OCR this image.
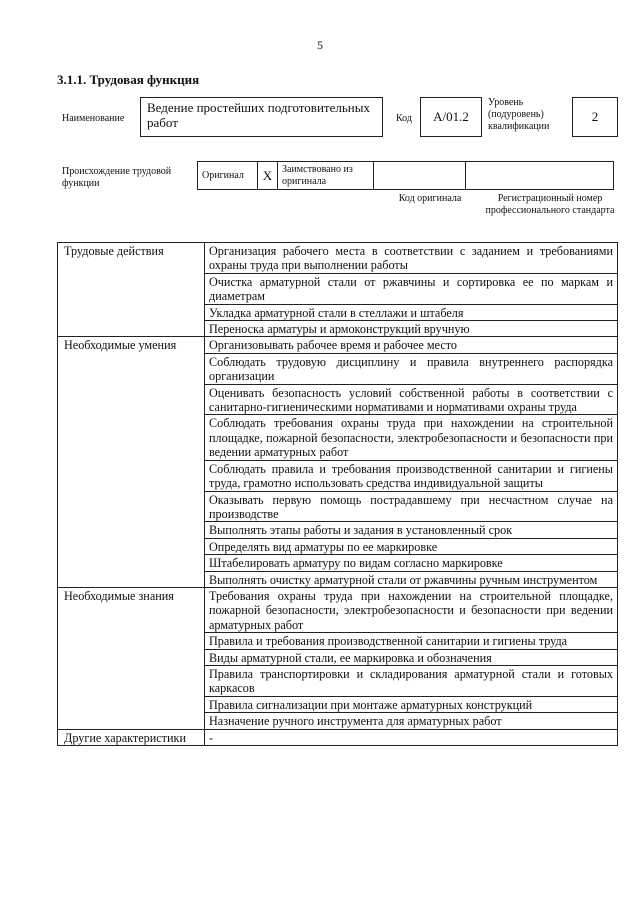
5
3.1.1. Трудовая функция
Наименование
Ведение простейших подготовительных работ	Код	А/01.2
Уровень (подуровень) квалификации
2
Происхождение трудовой функции
Оригинал	X	Заимствовано из оригинала		
Код оригинала	Регистрационный номер профессионального стандарта
Трудовые действия	Организация рабочего места в соответствии с заданием и требованиями охраны труда при выполнении работы
	Очистка арматурной стали от ржавчины и сортировка ее по маркам и диаметрам
	Укладка арматурной стали в стеллажи и штабеля
	Переноска арматуры и армоконструкций вручную
Необходимые умения	Организовывать рабочее время и рабочее место
	Соблюдать трудовую дисциплину и правила внутреннего распорядка организации
	Оценивать безопасность условий собственной работы в соответствии с санитарно-гигиеническими нормативами и нормативами охраны труда
	Соблюдать требования охраны труда при нахождении на строительной площадке, пожарной безопасности, электробезопасности и безопасности при ведении арматурных работ
	Соблюдать правила и требования производственной санитарии и гигиены труда, грамотно использовать средства индивидуальной защиты
	Оказывать первую помощь пострадавшему при несчастном случае на производстве
	Выполнять этапы работы и задания в установленный срок
	Определять вид арматуры по ее маркировке
	Штабелировать арматуру по видам согласно маркировке
	Выполнять очистку арматурной стали от ржавчины ручным инструментом
Необходимые знания	Требования охраны труда при нахождении на строительной площадке, пожарной безопасности, электробезопасности и безопасности при ведении арматурных работ
	Правила и требования производственной санитарии и гигиены труда
	Виды арматурной стали, ее маркировка и обозначения
	Правила транспортировки и складирования арматурной стали и готовых каркасов
	Правила сигнализации при монтаже арматурных конструкций
	Назначение ручного инструмента для арматурных работ
Другие характеристики	-
